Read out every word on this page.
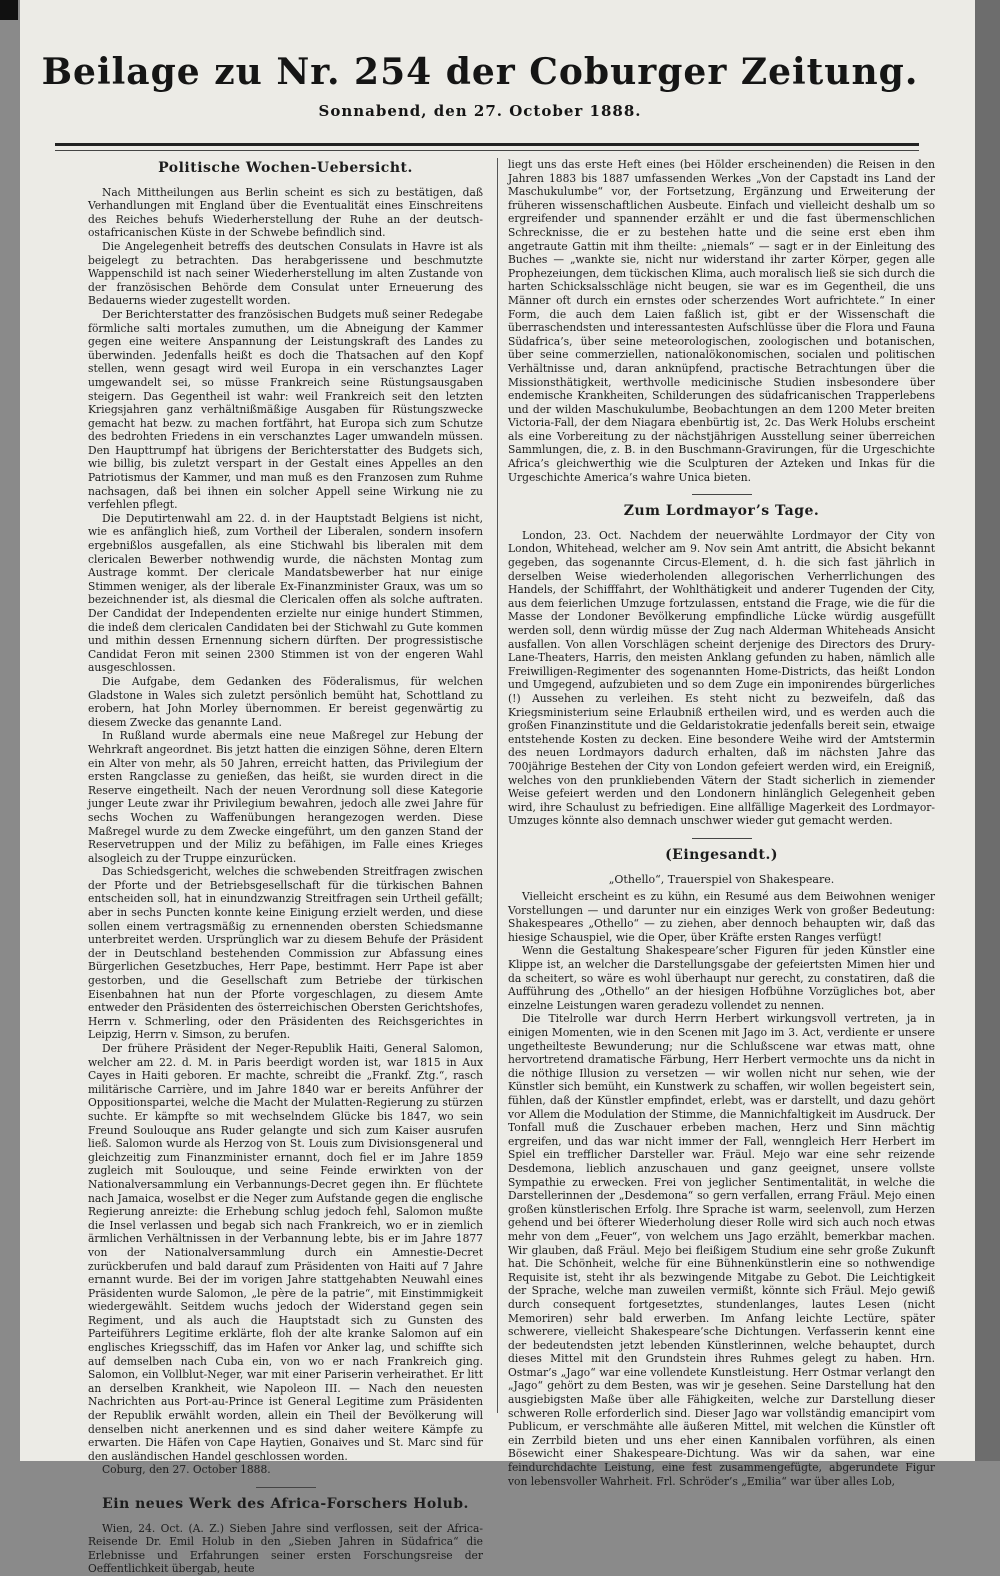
Beilage zu Nr. 254 der Coburger Zeitung.
Sonnabend, den 27. October 1888.
Politische Wochen-Uebersicht.

Nach Mittheilungen aus Berlin scheint es sich zu bestätigen, daß Verhandlungen mit England über die Eventualität eines Einschreitens des Reiches behufs Wiederherstellung der Ruhe an der deutsch-ostafricanischen Küste in der Schwebe befindlich sind.

Die Angelegenheit betreffs des deutschen Consulats in Havre ist als beigelegt zu betrachten. Das herabgerissene und beschmutzte Wappenschild ist nach seiner Wiederherstellung im alten Zustande von der französischen Behörde dem Consulat unter Erneuerung des Bedauerns wieder zugestellt worden.

Der Berichterstatter des französischen Budgets muß seiner Redegabe förmliche salti mortales zumuthen, um die Abneigung der Kammer gegen eine weitere Anspannung der Leistungskraft des Landes zu überwinden. Jedenfalls heißt es doch die Thatsachen auf den Kopf stellen, wenn gesagt wird weil Europa in ein verschanztes Lager umgewandelt sei, so müsse Frankreich seine Rüstungsausgaben steigern. Das Gegentheil ist wahr: weil Frankreich seit den letzten Kriegsjahren ganz verhältnißmäßige Ausgaben für Rüstungszwecke gemacht hat bezw. zu machen fortfährt, hat Europa sich zum Schutze des bedrohten Friedens in ein verschanztes Lager umwandeln müssen. Den Haupttrumpf hat übrigens der Berichterstatter des Budgets sich, wie billig, bis zuletzt verspart in der Gestalt eines Appelles an den Patriotismus der Kammer, und man muß es den Franzosen zum Ruhme nachsagen, daß bei ihnen ein solcher Appell seine Wirkung nie zu verfehlen pflegt.

Die Deputirtenwahl am 22. d. in der Hauptstadt Belgiens ist nicht, wie es anfänglich hieß, zum Vortheil der Liberalen, sondern insofern ergebnißlos ausgefallen, als eine Stichwahl bis liberalen mit dem clericalen Bewerber nothwendig wurde, die nächsten Montag zum Austrage kommt. Der clericale Mandatsbewerber hat nur einige Stimmen weniger, als der liberale Ex-Finanzminister Graux, was um so bezeichnender ist, als diesmal die Clericalen offen als solche auftraten. Der Candidat der Independenten erzielte nur einige hundert Stimmen, die indeß dem clericalen Candidaten bei der Stichwahl zu Gute kommen und mithin dessen Ernennung sichern dürften. Der progressistische Candidat Feron mit seinen 2300 Stimmen ist von der engeren Wahl ausgeschlossen.

Die Aufgabe, dem Gedanken des Föderalismus, für welchen Gladstone in Wales sich zuletzt persönlich bemüht hat, Schottland zu erobern, hat John Morley übernommen. Er bereist gegenwärtig zu diesem Zwecke das genannte Land.

In Rußland wurde abermals eine neue Maßregel zur Hebung der Wehrkraft angeordnet. Bis jetzt hatten die einzigen Söhne, deren Eltern ein Alter von mehr, als 50 Jahren, erreicht hatten, das Privilegium der ersten Rangclasse zu genießen, das heißt, sie wurden direct in die Reserve eingetheilt. Nach der neuen Verordnung soll diese Kategorie junger Leute zwar ihr Privilegium bewahren, jedoch alle zwei Jahre für sechs Wochen zu Waffenübungen herangezogen werden. Diese Maßregel wurde zu dem Zwecke eingeführt, um den ganzen Stand der Reservetruppen und der Miliz zu befähigen, im Falle eines Krieges alsogleich zu der Truppe einzurücken.

Das Schiedsgericht, welches die schwebenden Streitfragen zwischen der Pforte und der Betriebsgesellschaft für die türkischen Bahnen entscheiden soll, hat in einundzwanzig Streitfragen sein Urtheil gefällt; aber in sechs Puncten konnte keine Einigung erzielt werden, und diese sollen einem vertragsmäßig zu ernennenden obersten Schiedsmanne unterbreitet werden. Ursprünglich war zu diesem Behufe der Präsident der in Deutschland bestehenden Commission zur Abfassung eines Bürgerlichen Gesetzbuches, Herr Pape, bestimmt. Herr Pape ist aber gestorben, und die Gesellschaft zum Betriebe der türkischen Eisenbahnen hat nun der Pforte vorgeschlagen, zu diesem Amte entweder den Präsidenten des österreichischen Obersten Gerichtshofes, Herrn v. Schmerling, oder den Präsidenten des Reichsgerichtes in Leipzig, Herrn v. Simson, zu berufen.

Der frühere Präsident der Neger-Republik Haiti, General Salomon, welcher am 22. d. M. in Paris beerdigt worden ist, war 1815 in Aux Cayes in Haiti geboren. Er machte, schreibt die „Frankf. Ztg.“, rasch militärische Carrière, und im Jahre 1840 war er bereits Anführer der Oppositionspartei, welche die Macht der Mulatten-Regierung zu stürzen suchte. Er kämpfte so mit wechselndem Glücke bis 1847, wo sein Freund Soulouque ans Ruder gelangte und sich zum Kaiser ausrufen ließ. Salomon wurde als Herzog von St. Louis zum Divisionsgeneral und gleichzeitig zum Finanzminister ernannt, doch fiel er im Jahre 1859 zugleich mit Soulouque, und seine Feinde erwirkten von der Nationalversammlung ein Verbannungs-Decret gegen ihn. Er flüchtete nach Jamaica, woselbst er die Neger zum Aufstande gegen die englische Regierung anreizte: die Erhebung schlug jedoch fehl, Salomon mußte die Insel verlassen und begab sich nach Frankreich, wo er in ziemlich ärmlichen Verhältnissen in der Verbannung lebte, bis er im Jahre 1877 von der Nationalversammlung durch ein Amnestie-Decret zurückberufen und bald darauf zum Präsidenten von Haiti auf 7 Jahre ernannt wurde. Bei der im vorigen Jahre stattgehabten Neuwahl eines Präsidenten wurde Salomon, „le père de la patrie“, mit Einstimmigkeit wiedergewählt. Seitdem wuchs jedoch der Widerstand gegen sein Regiment, und als auch die Hauptstadt sich zu Gunsten des Parteiführers Legitime erklärte, floh der alte kranke Salomon auf ein englisches Kriegsschiff, das im Hafen vor Anker lag, und schiffte sich auf demselben nach Cuba ein, von wo er nach Frankreich ging. Salomon, ein Vollblut-Neger, war mit einer Pariserin verheirathet. Er litt an derselben Krankheit, wie Napoleon III. — Nach den neuesten Nachrichten aus Port-au-Prince ist General Legitime zum Präsidenten der Republik erwählt worden, allein ein Theil der Bevölkerung will denselben nicht anerkennen und es sind daher weitere Kämpfe zu erwarten. Die Häfen von Cape Haytien, Gonaives und St. Marc sind für den ausländischen Handel geschlossen worden.

Coburg, den 27. October 1888.

Ein neues Werk des Africa-Forschers Holub.

Wien, 24. Oct. (A. Z.) Sieben Jahre sind verflossen, seit der Africa-Reisende Dr. Emil Holub in den „Sieben Jahren in Südafrica“ die Erlebnisse und Erfahrungen seiner ersten Forschungsreise der Oeffentlichkeit übergab, heute

liegt uns das erste Heft eines (bei Hölder erscheinenden) die Reisen in den Jahren 1883 bis 1887 umfassenden Werkes „Von der Capstadt ins Land der Maschukulumbe“ vor, der Fortsetzung, Ergänzung und Erweiterung der früheren wissenschaftlichen Ausbeute. Einfach und vielleicht deshalb um so ergreifender und spannender erzählt er und die fast übermenschlichen Schrecknisse, die er zu bestehen hatte und die seine erst eben ihm angetraute Gattin mit ihm theilte: „niemals“ — sagt er in der Einleitung des Buches — „wankte sie, nicht nur widerstand ihr zarter Körper, gegen alle Prophezeiungen, dem tückischen Klima, auch moralisch ließ sie sich durch die harten Schicksalsschläge nicht beugen, sie war es im Gegentheil, die uns Männer oft durch ein ernstes oder scherzendes Wort aufrichtete.“ In einer Form, die auch dem Laien faßlich ist, gibt er der Wissenschaft die überraschendsten und interessantesten Aufschlüsse über die Flora und Fauna Südafrica’s, über seine meteorologischen, zoologischen und botanischen, über seine commerziellen, nationalökonomischen, socialen und politischen Verhältnisse und, daran anknüpfend, practische Betrachtungen über die Missionsthätigkeit, werthvolle medicinische Studien insbesondere über endemische Krankheiten, Schilderungen des südafricanischen Trapperlebens und der wilden Maschukulumbe, Beobachtungen an dem 1200 Meter breiten Victoria-Fall, der dem Niagara ebenbürtig ist, 2c. Das Werk Holubs erscheint als eine Vorbereitung zu der nächstjährigen Ausstellung seiner überreichen Sammlungen, die, z. B. in den Buschmann-Gravirungen, für die Urgeschichte Africa’s gleichwerthig wie die Sculpturen der Azteken und Inkas für die Urgeschichte America’s wahre Unica bieten.

Zum Lordmayor’s Tage.

London, 23. Oct. Nachdem der neuerwählte Lordmayor der City von London, Whitehead, welcher am 9. Nov sein Amt antritt, die Absicht bekannt gegeben, das sogenannte Circus-Element, d. h. die sich fast jährlich in derselben Weise wiederholenden allegorischen Verherrlichungen des Handels, der Schifffahrt, der Wohlthätigkeit und anderer Tugenden der City, aus dem feierlichen Umzuge fortzulassen, entstand die Frage, wie die für die Masse der Londoner Bevölkerung empfindliche Lücke würdig ausgefüllt werden soll, denn würdig müsse der Zug nach Alderman Whiteheads Ansicht ausfallen. Von allen Vorschlägen scheint derjenige des Directors des Drury-Lane-Theaters, Harris, den meisten Anklang gefunden zu haben, nämlich alle Freiwilligen-Regimenter des sogenannten Home-Districts, das heißt London und Umgegend, aufzubieten und so dem Zuge ein imponirendes bürgerliches (!) Aussehen zu verleihen. Es steht nicht zu bezweifeln, daß das Kriegsministerium seine Erlaubniß ertheilen wird, und es werden auch die großen Finanzinstitute und die Geldaristokratie jedenfalls bereit sein, etwaige entstehende Kosten zu decken. Eine besondere Weihe wird der Amtstermin des neuen Lordmayors dadurch erhalten, daß im nächsten Jahre das 700jährige Bestehen der City von London gefeiert werden wird, ein Ereigniß, welches von den prunkliebenden Vätern der Stadt sicherlich in ziemender Weise gefeiert werden und den Londonern hinlänglich Gelegenheit geben wird, ihre Schaulust zu befriedigen. Eine allfällige Magerkeit des Lordmayor-Umzuges könnte also demnach unschwer wieder gut gemacht werden.

(Eingesandt.)
„Othello“, Trauerspiel von Shakespeare.

Vielleicht erscheint es zu kühn, ein Resumé aus dem Beiwohnen weniger Vorstellungen — und darunter nur ein einziges Werk von großer Bedeutung: Shakespeares „Othello“ — zu ziehen, aber dennoch behaupten wir, daß das hiesige Schauspiel, wie die Oper, über Kräfte ersten Ranges verfügt!

Wenn die Gestaltung Shakespeare’scher Figuren für jeden Künstler eine Klippe ist, an welcher die Darstellungsgabe der gefeiertsten Mimen hier und da scheitert, so wäre es wohl überhaupt nur gerecht, zu constatiren, daß die Aufführung des „Othello“ an der hiesigen Hofbühne Vorzügliches bot, aber einzelne Leistungen waren geradezu vollendet zu nennen.

Die Titelrolle war durch Herrn Herbert wirkungsvoll vertreten, ja in einigen Momenten, wie in den Scenen mit Jago im 3. Act, verdiente er unsere ungetheilteste Bewunderung; nur die Schlußscene war etwas matt, ohne hervortretend dramatische Färbung, Herr Herbert vermochte uns da nicht in die nöthige Illusion zu versetzen — wir wollen nicht nur sehen, wie der Künstler sich bemüht, ein Kunstwerk zu schaffen, wir wollen begeistert sein, fühlen, daß der Künstler empfindet, erlebt, was er darstellt, und dazu gehört vor Allem die Modulation der Stimme, die Mannichfaltigkeit im Ausdruck. Der Tonfall muß die Zuschauer erbeben machen, Herz und Sinn mächtig ergreifen, und das war nicht immer der Fall, wenngleich Herr Herbert im Spiel ein trefflicher Darsteller war. Fräul. Mejo war eine sehr reizende Desdemona, lieblich anzuschauen und ganz geeignet, unsere vollste Sympathie zu erwecken. Frei von jeglicher Sentimentalität, in welche die Darstellerinnen der „Desdemona“ so gern verfallen, errang Fräul. Mejo einen großen künstlerischen Erfolg. Ihre Sprache ist warm, seelenvoll, zum Herzen gehend und bei öfterer Wiederholung dieser Rolle wird sich auch noch etwas mehr von dem „Feuer“, von welchem uns Jago erzählt, bemerkbar machen. Wir glauben, daß Fräul. Mejo bei fleißigem Studium eine sehr große Zukunft hat. Die Schönheit, welche für eine Bühnenkünstlerin eine so nothwendige Requisite ist, steht ihr als bezwingende Mitgabe zu Gebot. Die Leichtigkeit der Sprache, welche man zuweilen vermißt, könnte sich Fräul. Mejo gewiß durch consequent fortgesetztes, stundenlanges, lautes Lesen (nicht Memoriren) sehr bald erwerben. Im Anfang leichte Lectüre, später schwerere, vielleicht Shakespeare’sche Dichtungen. Verfasserin kennt eine der bedeutendsten jetzt lebenden Künstlerinnen, welche behauptet, durch dieses Mittel mit den Grundstein ihres Ruhmes gelegt zu haben. Hrn. Ostmar’s „Jago“ war eine vollendete Kunstleistung. Herr Ostmar verlangt den „Jago“ gehört zu dem Besten, was wir je gesehen. Seine Darstellung hat den ausgiebigsten Maße über alle Fähigkeiten, welche zur Darstellung dieser schweren Rolle erforderlich sind. Dieser Jago war vollständig emancipirt vom Publicum, er verschmähte alle äußeren Mittel, mit welchen die Künstler oft ein Zerrbild bieten und uns eher einen Kannibalen vorführen, als einen Bösewicht einer Shakespeare-Dichtung. Was wir da sahen, war eine feindurchdachte Leistung, eine fest zusammengefügte, abgerundete Figur von lebensvoller Wahrheit. Frl. Schröder’s „Emilia“ war über alles Lob,
